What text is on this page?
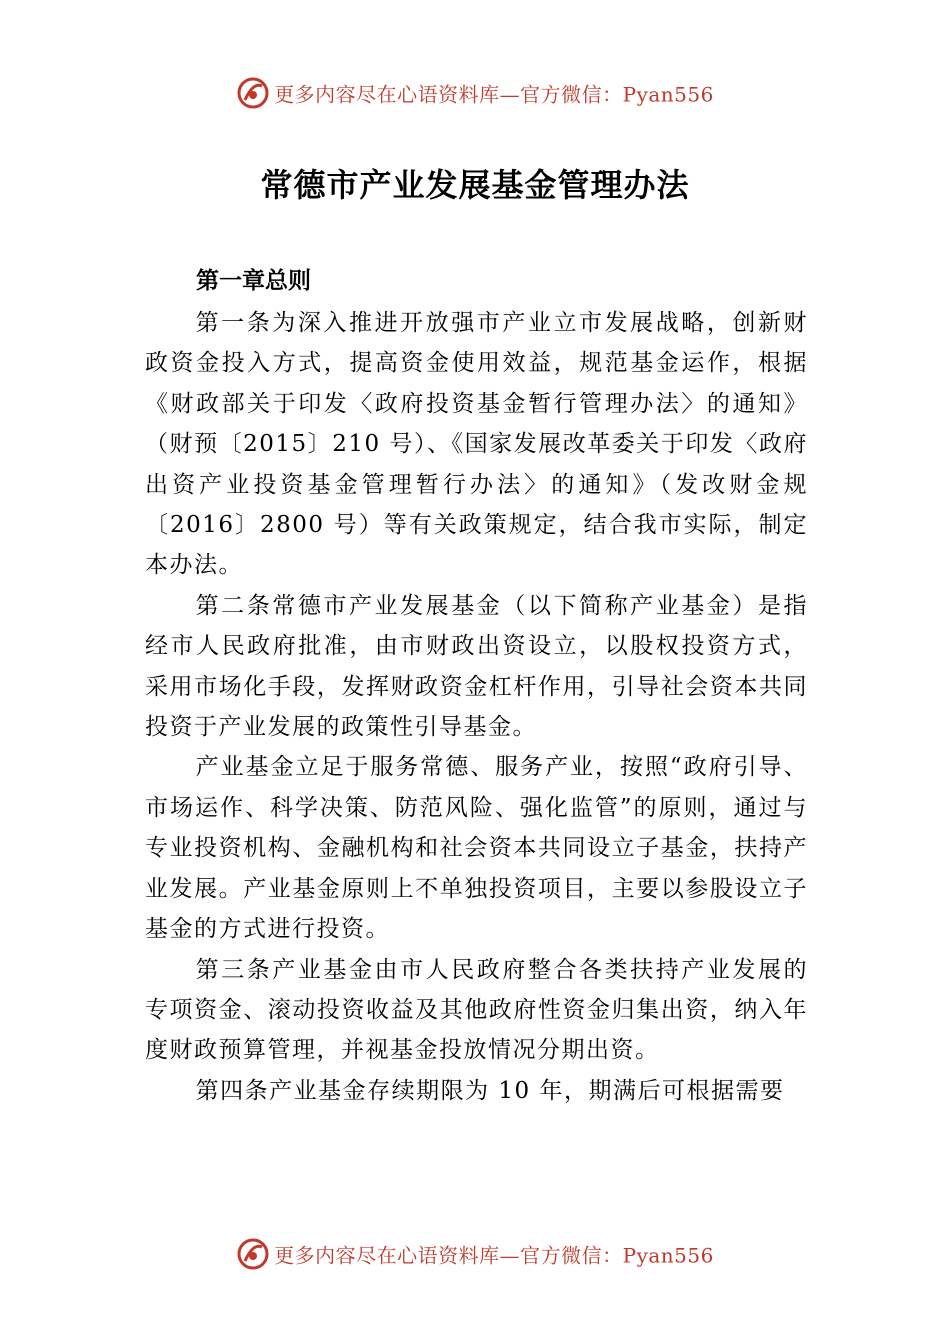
更多内容尽在心语资料库—官方微信：Pyan556
常德市产业发展基金管理办法
第一章总则

第一条为深入推进开放强市产业立市发展战略，创新财政资金投入方式，提高资金使用效益，规范基金运作，根据《财政部关于印发〈政府投资基金暂行管理办法〉的通知》（财预〔2015〕210 号）、《国家发展改革委关于印发〈政府出资产业投资基金管理暂行办法〉的通知》（发改财金规〔2016〕2800 号）等有关政策规定，结合我市实际，制定本办法。

第二条常德市产业发展基金（以下简称产业基金）是指经市人民政府批准，由市财政出资设立，以股权投资方式， 采用市场化手段，发挥财政资金杠杆作用，引导社会资本共同投资于产业发展的政策性引导基金。

产业基金立足于服务常德、服务产业，按照“政府引导、市场运作、科学决策、防范风险、强化监管”的原则，通过与专业投资机构、金融机构和社会资本共同设立子基金，扶持产业发展。产业基金原则上不单独投资项目，主要以参股设立子基金的方式进行投资。

第三条产业基金由市人民政府整合各类扶持产业发展的专项资金、滚动投资收益及其他政府性资金归集出资，纳入年度财政预算管理，并视基金投放情况分期出资。

第四条产业基金存续期限为 10 年，期满后可根据需要

更多内容尽在心语资料库—官方微信：Pyan556
